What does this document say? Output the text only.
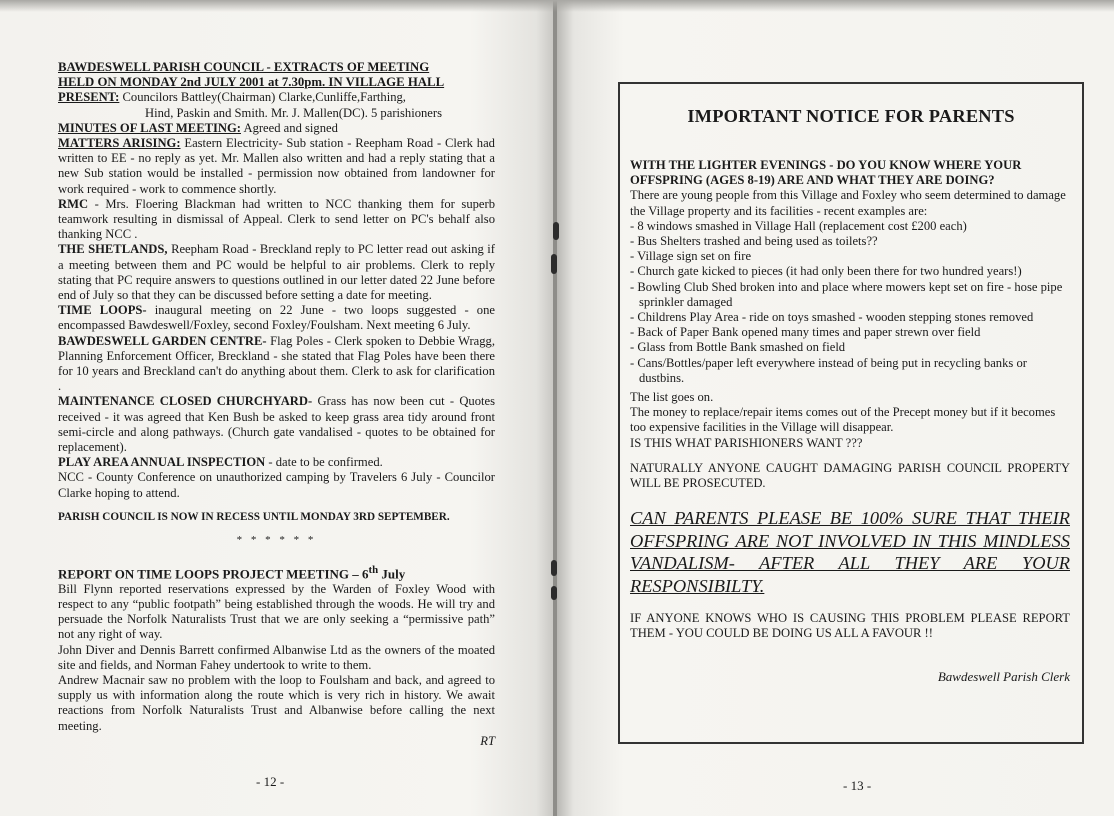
BAWDESWELL PARISH COUNCIL - EXTRACTS OF MEETING

HELD ON MONDAY 2nd JULY 2001 at 7.30pm. IN VILLAGE HALL

PRESENT: Councilors Battley(Chairman) Clarke,Cunliffe,Farthing,
Hind, Paskin and Smith. Mr. J. Mallen(DC). 5 parishioners

MINUTES OF LAST MEETING: Agreed and signed

MATTERS ARISING: Eastern Electricity- Sub station - Reepham Road - Clerk had written to EE - no reply as yet. Mr. Mallen also written and had a reply stating that a new Sub station would be installed - permission now obtained from landowner for work required - work to commence shortly.

RMC - Mrs. Floering Blackman had written to NCC thanking them for superb teamwork resulting in dismissal of Appeal. Clerk to send letter on PC's behalf also thanking NCC .

THE SHETLANDS, Reepham Road - Breckland reply to PC letter read out asking if a meeting between them and PC would be helpful to air problems. Clerk to reply stating that PC require answers to questions outlined in our letter dated 22 June before end of July so that they can be discussed before setting a date for meeting.

TIME LOOPS- inaugural meeting on 22 June - two loops suggested - one encompassed Bawdeswell/Foxley, second Foxley/Foulsham. Next meeting 6 July.

BAWDESWELL GARDEN CENTRE- Flag Poles - Clerk spoken to Debbie Wragg, Planning Enforcement Officer, Breckland - she stated that Flag Poles have been there for 10 years and Breckland can't do anything about them. Clerk to ask for clarification .

MAINTENANCE CLOSED CHURCHYARD- Grass has now been cut - Quotes received - it was agreed that Ken Bush be asked to keep grass area tidy around front semi-circle and along pathways. (Church gate vandalised - quotes to be obtained for replacement).

PLAY AREA ANNUAL INSPECTION - date to be confirmed.

NCC - County Conference on unauthorized camping by Travelers 6 July - Councilor Clarke hoping to attend.

PARISH COUNCIL IS NOW IN RECESS UNTIL MONDAY 3RD SEPTEMBER.

* * * * * *

REPORT ON TIME LOOPS PROJECT MEETING – 6th July

Bill Flynn reported reservations expressed by the Warden of Foxley Wood with respect to any “public footpath” being established through the woods. He will try and persuade the Norfolk Naturalists Trust that we are only seeking a “permissive path” not any right of way.

John Diver and Dennis Barrett confirmed Albanwise Ltd as the owners of the moated site and fields, and Norman Fahey undertook to write to them.

Andrew Macnair saw no problem with the loop to Foulsham and back, and agreed to supply us with information along the route which is very rich in history. We await reactions from Norfolk Naturalists Trust and Albanwise before calling the next meeting.

RT
- 12 -
IMPORTANT NOTICE FOR PARENTS

WITH THE LIGHTER EVENINGS - DO YOU KNOW WHERE YOUR OFFSPRING (AGES 8-19) ARE AND WHAT THEY ARE DOING?

There are young people from this Village and Foxley who seem determined to damage the Village property and its facilities - recent examples are:

- 8 windows smashed in Village Hall (replacement cost £200 each)

- Bus Shelters trashed and being used as toilets??

- Village sign set on fire

- Church gate kicked to pieces (it had only been there for two hundred years!)

- Bowling Club Shed broken into and place where mowers kept set on fire - hose pipe sprinkler damaged

- Childrens Play Area - ride on toys smashed - wooden stepping stones removed

- Back of Paper Bank opened many times and paper strewn over field

- Glass from Bottle Bank smashed on field

- Cans/Bottles/paper left everywhere instead of being put in recycling banks or dustbins.

The list goes on.

The money to replace/repair items comes out of the Precept money but if it becomes too expensive facilities in the Village will disappear.

IS THIS WHAT PARISHIONERS WANT ???

NATURALLY ANYONE CAUGHT DAMAGING PARISH COUNCIL PROPERTY WILL BE PROSECUTED.

CAN PARENTS PLEASE BE 100% SURE THAT THEIR OFFSPRING ARE NOT INVOLVED IN THIS MINDLESS VANDALISM- AFTER ALL THEY ARE YOUR RESPONSIBILTY.

IF ANYONE KNOWS WHO IS CAUSING THIS PROBLEM PLEASE REPORT THEM - YOU COULD BE DOING US ALL A FAVOUR !!

Bawdeswell Parish Clerk

- 13 -
